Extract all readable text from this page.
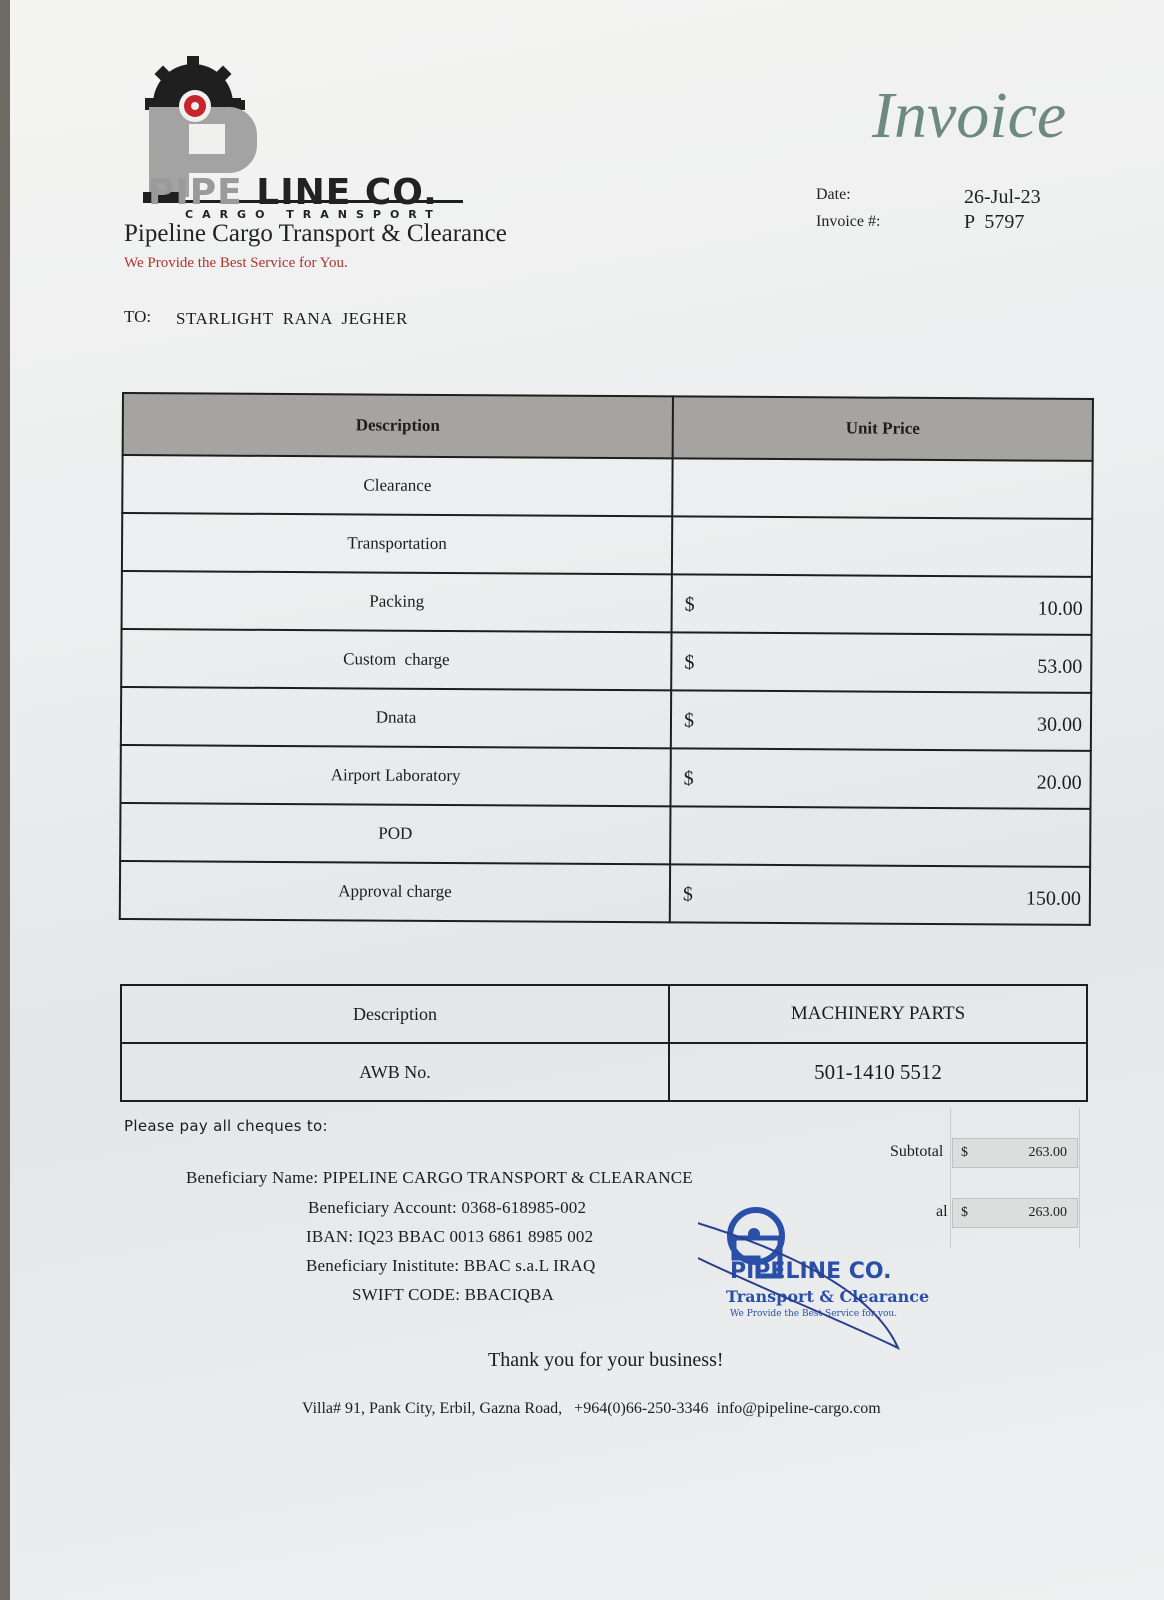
PIPE LINE CO.
CARGO TRANSPORT
Pipeline Cargo Transport & Clearance
We Provide the Best Service for You.
Invoice
Date:	26-Jul-23
Invoice #:	P  5797
TO: STARLIGHT  RANA  JEGHER
Description	Unit Price
Clearance	

Transportation	

Packing	$ 10.00

Custom  charge	$ 53.00

Dnata	$ 30.00

Airport Laboratory	$ 20.00

POD	

Approval charge	$ 150.00
Description	MACHINERY PARTS
AWB No.	501-1410 5512
Please pay all cheques to:
Beneficiary Name: PIPELINE CARGO TRANSPORT & CLEARANCE
Beneficiary Account: 0368-618985-002
IBAN: IQ23 BBAC 0013 6861 8985 002
Beneficiary Inistitute: BBAC s.a.L IRAQ
SWIFT CODE: BBACIQBA
Subtotal $	263.00
al $	263.00
PIPELINE CO.
Transport & Clearance
We Provide the Best Service for you.
Thank you for your business!
Villa# 91, Pank City, Erbil, Gazna Road,   +964(0)66-250-3346  info@pipeline-cargo.com
